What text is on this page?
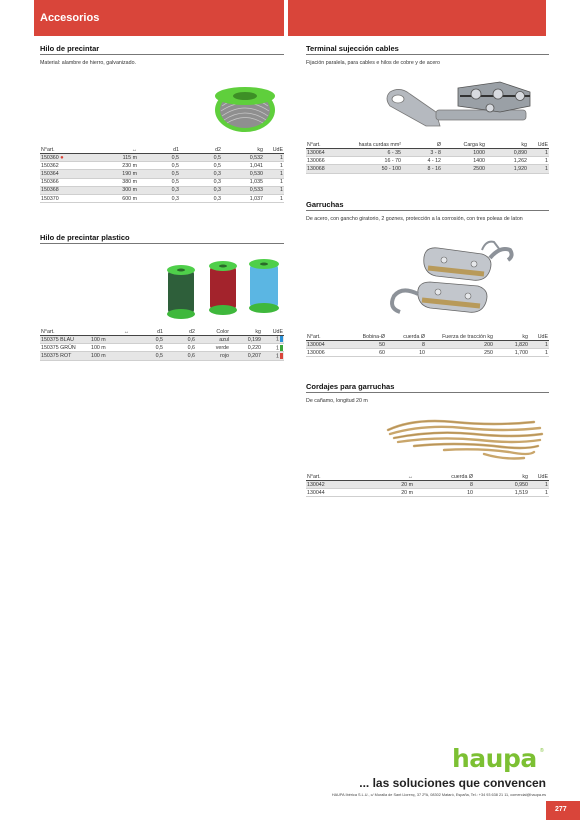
Accesorios
Hilo de precintar
Material: alambre de hierro, galvanizado.
N°art.	↔	d1	d2	kg	UdE
150360 ●	115 m	0,5	0,5	0,532	1
150362	230 m	0,5	0,5	1,041	1
150364	190 m	0,5	0,3	0,530	1
150366	380 m	0,5	0,3	1,035	1
150368	300 m	0,3	0,3	0,533	1
150370	600 m	0,3	0,3	1,037	1
Hilo de precintar plastico
N°art.	↔	d1	d2	Color	kg	UdE
150375 BLAU	100 m	0,5	0,6	azul	0,199	1
150375 GRÜN	100 m	0,5	0,6	verde	0,220	1
150375 ROT	100 m	0,5	0,6	rojo	0,207	1
Terminal sujección cables
Fijación paralela, para cables e hilos de cobre y de acero
N°art.	hasta curdas mm²	Ø	Carga kg	kg	UdE
130064	6 - 35	3 - 8	1000	0,890	1
130066	16 - 70	4 - 12	1400	1,262	1
130068	50 - 100	8 - 16	2500	1,920	1
Garruchas
De acero, con gancho giratorio, 2 goznes, protección a la corrosión, con tres poleas de laton
N°art.	Bobina-Ø	cuerda Ø	Fuerza de tracción kg	kg	UdE
130004	50	8	200	1,820	1
130006	60	10	250	1,700	1
Cordajes para garruchas
De cañamo, longitud 20 m
N°art.	↔	cuerda Ø	kg	UdE
130042	20 m	8	0,950	1
130044	20 m	10	1,519	1
haupa ®
... las soluciones que convencen
HAUPA Ibérica S.L.U., c/ Muralla de Sant Llorenç, 37 2ºA, 08302 Mataró, España, Tel.: +34 93 638 21 11, comercial@haupa.es
277
